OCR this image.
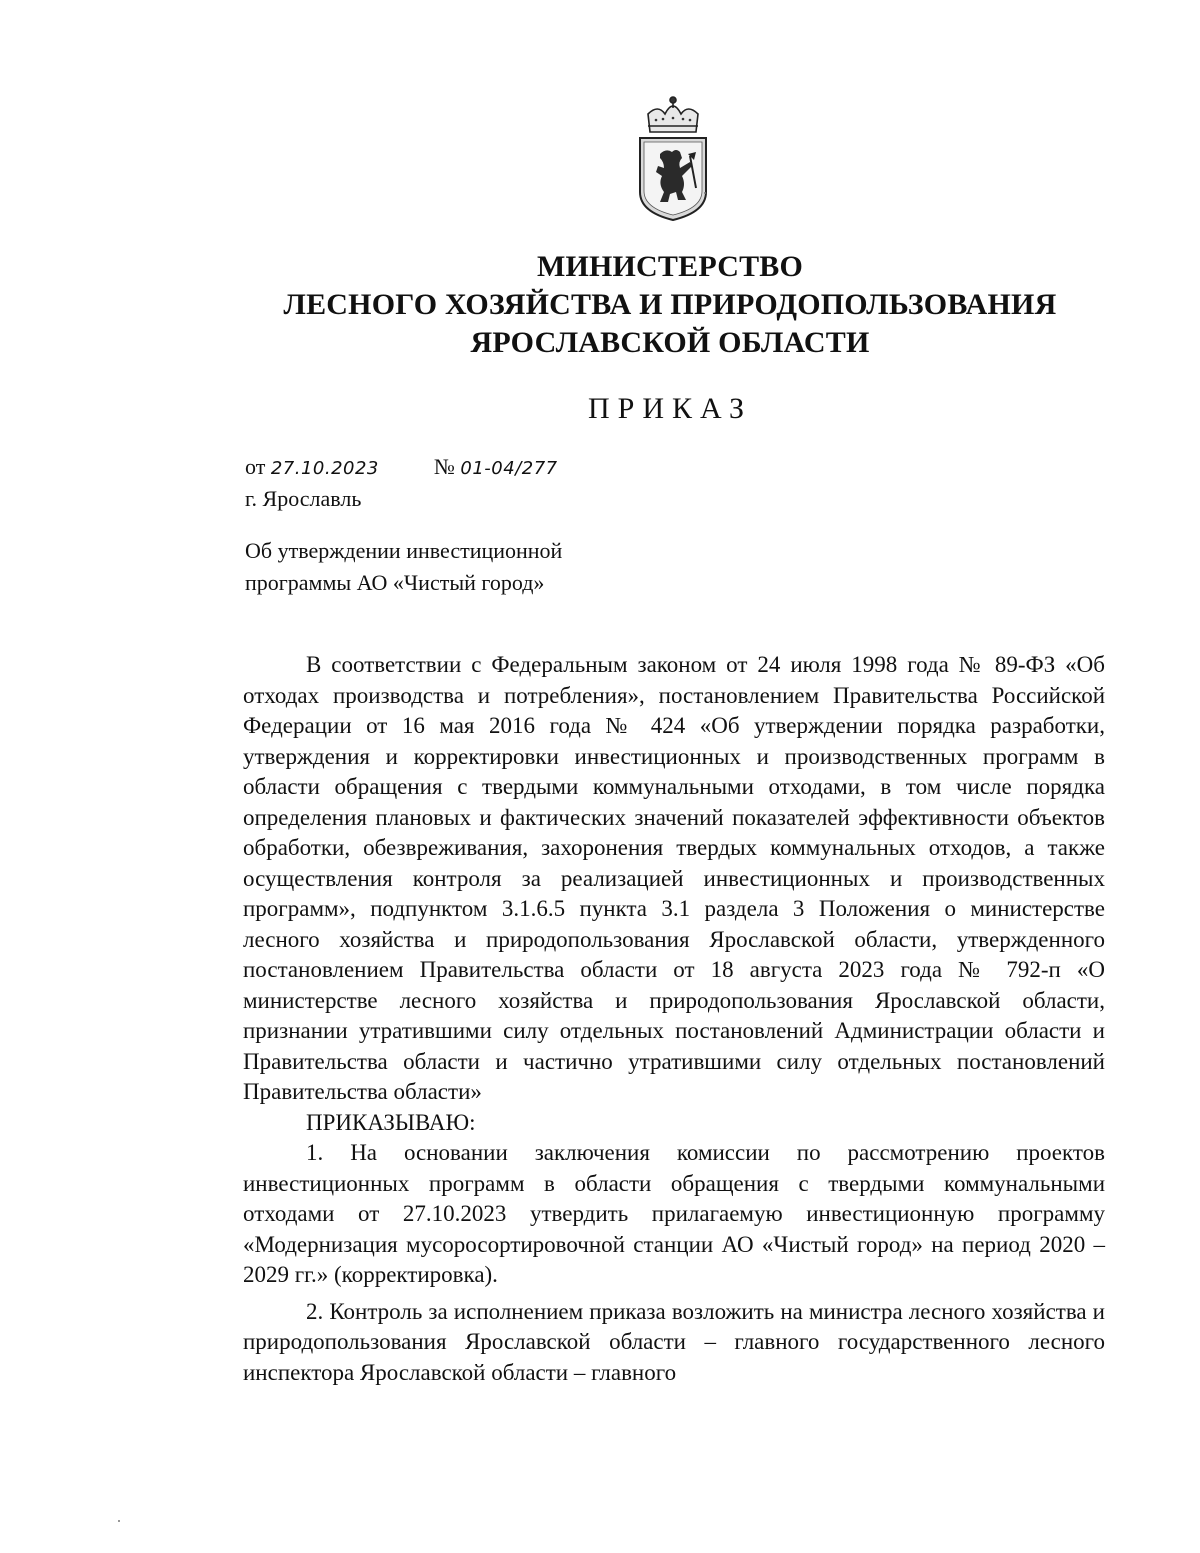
МИНИСТЕРСТВО
ЛЕСНОГО ХОЗЯЙСТВА И ПРИРОДОПОЛЬЗОВАНИЯ
ЯРОСЛАВСКОЙ ОБЛАСТИ
ПРИКАЗ
от 27.10.2023	№ 01-04/277
г. Ярославль
Об утверждении инвестиционной
программы АО «Чистый город»

В соответствии с Федеральным законом от 24 июля 1998 года № 89-ФЗ «Об отходах производства и потребления», постановлением Правительства Российской Федерации от 16 мая 2016 года № 424 «Об утверждении порядка разработки, утверждения и корректировки инвестиционных и производственных программ в области обращения с твердыми коммунальными отходами, в том числе порядка определения плановых и фактических значений показателей эффективности объектов обработки, обезвреживания, захоронения твердых коммунальных отходов, а также осуществления контроля за реализацией инвестиционных и производственных программ», подпунктом 3.1.6.5 пункта 3.1 раздела 3 Положения о министерстве лесного хозяйства и природопользования Ярославской области, утвержденного постановлением Правительства области от 18 августа 2023 года № 792-п «О министерстве лесного хозяйства и природопользования Ярославской области, признании утратившими силу отдельных постановлений Администрации области и Правительства области и частично утратившими силу отдельных постановлений Правительства области»

ПРИКАЗЫВАЮ:

1. На основании заключения комиссии по рассмотрению проектов инвестиционных программ в области обращения с твердыми коммунальными отходами от 27.10.2023 утвердить прилагаемую инвестиционную программу «Модернизация мусоросортировочной станции АО «Чистый город» на период 2020 – 2029 гг.» (корректировка).

2. Контроль за исполнением приказа возложить на министра лесного хозяйства и природопользования Ярославской области – главного государственного лесного инспектора Ярославской области – главного
